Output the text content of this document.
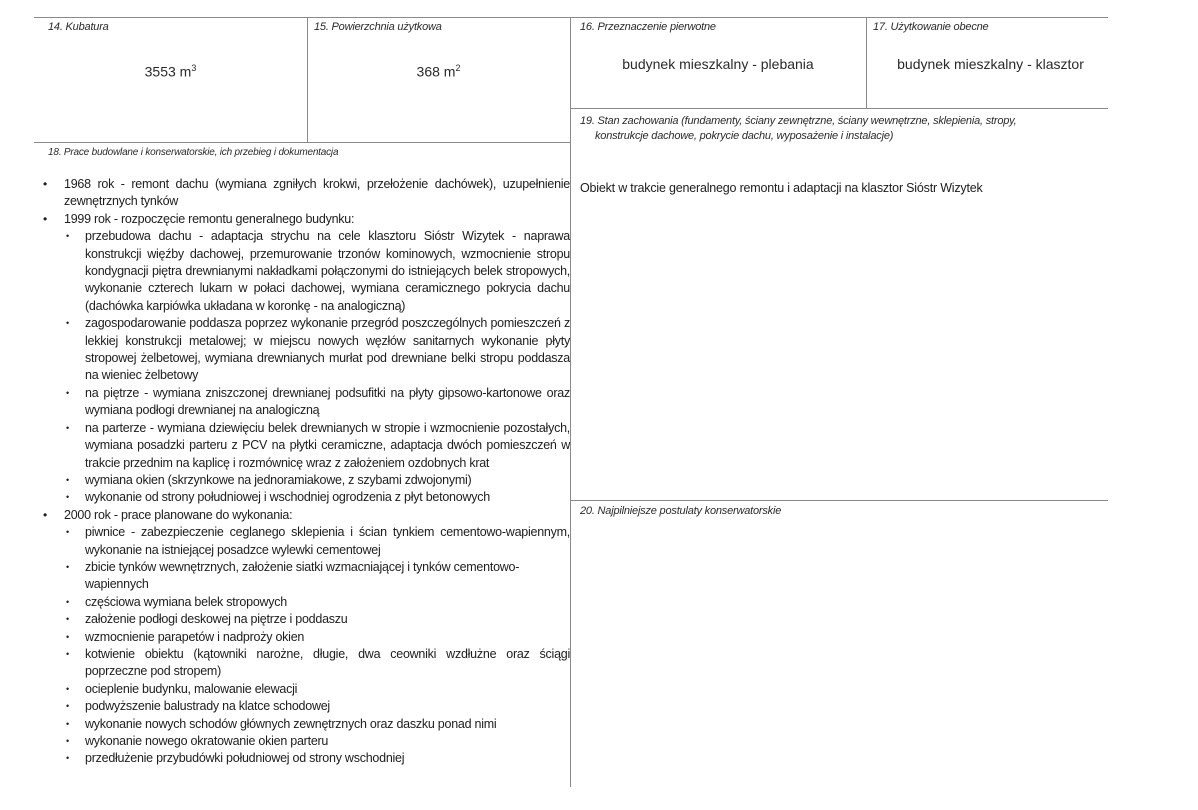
14. Kubatura
3553 $m^3$
15. Powierzchnia użytkowa
368 $m^2$
16. Przeznaczenie pierwotne
budynek mieszkalny - plebania
17. Użytkowanie obecne
budynek mieszkalny - klasztor
19. Stan zachowania (fundamenty, ściany zewnętrzne, ściany wewnętrzne, sklepienia, stropy,
konstrukcje dachowe, pokrycie dachu, wyposażenie i instalacje)
Obiekt w trakcie generalnego remontu i adaptacji na klasztor Sióstr Wizytek
20. Najpilniejsze postulaty konserwatorskie
18. Prace budowlane i konserwatorskie, ich przebieg i dokumentacja
• 1968 rok - remont dachu (wymiana zgniłych krokwi, przełożenie dachówek), uzupełnienie zewnętrznych tynków
• 1999 rok - rozpoczęcie remontu generalnego budynku:
• przebudowa dachu - adaptacja strychu na cele klasztoru Sióstr Wizytek - naprawa konstrukcji więźby dachowej, przemurowanie trzonów kominowych, wzmocnienie stropu kondygnacji piętra drewnianymi nakładkami połączonymi do istniejących belek stropowych, wykonanie czterech lukarn w połaci dachowej, wymiana ceramicznego pokrycia dachu (dachówka karpiówka układana w koronkę - na analogiczną)
• zagospodarowanie poddasza poprzez wykonanie przegród poszczególnych pomieszczeń z lekkiej konstrukcji metalowej; w miejscu nowych węzłów sanitarnych wykonanie płyty stropowej żelbetowej, wymiana drewnianych murłat pod drewniane belki stropu poddasza na wieniec żelbetowy
• na piętrze - wymiana zniszczonej drewnianej podsufitki na płyty gipsowo-kartonowe oraz wymiana podłogi drewnianej na analogiczną
• na parterze - wymiana dziewięciu belek drewnianych w stropie i wzmocnienie pozostałych, wymiana posadzki parteru z PCV na płytki ceramiczne, adaptacja dwóch pomieszczeń w trakcie przednim na kaplicę i rozmównicę wraz z założeniem ozdobnych krat
• wymiana okien (skrzynkowe na jednoramiakowe, z szybami zdwojonymi)
• wykonanie od strony południowej i wschodniej ogrodzenia z płyt betonowych
• 2000 rok - prace planowane do wykonania:
• piwnice - zabezpieczenie ceglanego sklepienia i ścian tynkiem cementowo-wapiennym, wykonanie na istniejącej posadzce wylewki cementowej
• zbicie tynków wewnętrznych, założenie siatki wzmacniającej i tynków cementowo-wapiennych
• częściowa wymiana belek stropowych
• założenie podłogi deskowej na piętrze i poddaszu
• wzmocnienie parapetów i nadproży okien
• kotwienie obiektu (kątowniki narożne, długie, dwa ceowniki wzdłużne oraz ściągi poprzeczne pod stropem)
• ocieplenie budynku, malowanie elewacji
• podwyższenie balustrady na klatce schodowej
• wykonanie nowych schodów głównych zewnętrznych oraz daszku ponad nimi
• wykonanie nowego okratowanie okien parteru
• przedłużenie przybudówki południowej od strony wschodniej
